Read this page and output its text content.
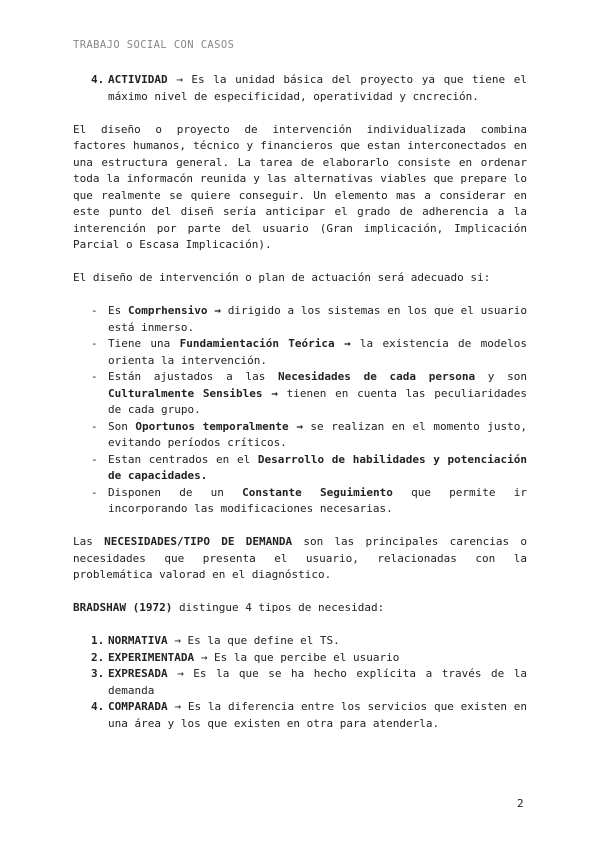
TRABAJO SOCIAL CON CASOS
4. ACTIVIDAD → Es la unidad básica del proyecto ya que tiene el máximo nivel de especificidad, operatividad y cncreción.

El diseño o proyecto de intervención individualizada combina factores humanos, técnico y financieros que estan interconectados en una estructura general. La tarea de elaborarlo consiste en ordenar toda la informacón reunida y las alternativas viables que prepare lo que realmente se quiere conseguir. Un elemento mas a considerar en este punto del diseñ sería anticipar el grado de adherencia a la interención por parte del usuario (Gran implicación, Implicación Parcial o Escasa Implicación).

El diseño de intervención o plan de actuación será adecuado si:

- Es Comprhensivo → dirigido a los sistemas en los que el usuario está inmerso.
- Tiene una Fundamientación Teórica → la existencia de modelos orienta la intervención.
- Están ajustados a las Necesidades de cada persona y son Culturalmente Sensibles → tienen en cuenta las peculiaridades de cada grupo.
- Son Oportunos temporalmente → se realizan en el momento justo, evitando períodos críticos.
- Estan centrados en el Desarrollo de habilidades y potenciación de capacidades.
- Disponen de un Constante Seguimiento que permite ir incorporando las modificaciones necesarias.

Las NECESIDADES/TIPO DE DEMANDA son las principales carencias o necesidades que presenta el usuario, relacionadas con la problemática valorad en el diagnóstico.

BRADSHAW (1972) distingue 4 tipos de necesidad:

1. NORMATIVA → Es la que define el TS.
2. EXPERIMENTADA → Es la que percibe el usuario
3. EXPRESADA → Es la que se ha hecho explícita a través de la demanda
4. COMPARADA → Es la diferencia entre los servicios que existen en una área y los que existen en otra para atenderla.
2
